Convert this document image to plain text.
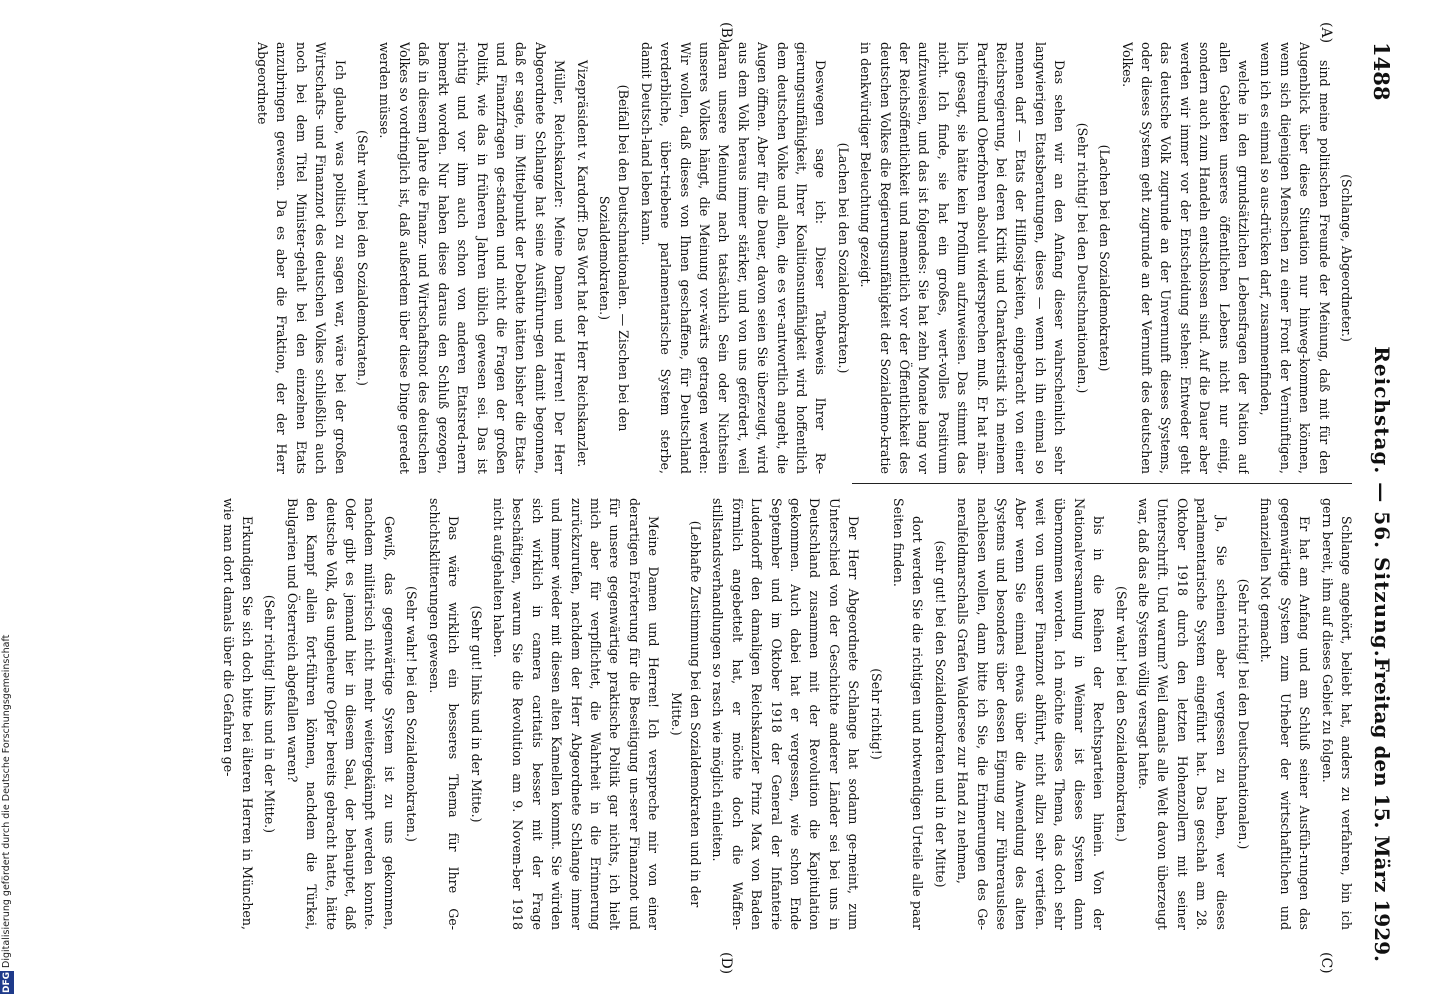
1488
Reichstag. — 56. Sitzung.
Freitag den 15. März 1929.
(A)
(B)
(C)
(D)

(Schlange, Abgeordneter.)

sind meine politischen Freunde der Meinung, daß mit für den Augenblick über diese Situation nur hinweg-kommen können, wenn sich diejenigen Menschen zu einer Front der Vernünftigen, wenn ich es einmal so aus-drücken darf, zusammenfinden,

welche in den grundsätzlichen Lebensfragen der Nation auf allen Gebieten unseres öffentlichen Lebens nicht nur einig, sondern auch zum Handeln entschlossen sind. Auf die Dauer aber werden wir immer vor der Entscheidung stehen: Entweder geht das deutsche Volk zugrunde an der Unvernunft dieses Systems, oder dieses System geht zugrunde an der Vernunft des deutschen Volkes.

(Lachen bei den Sozialdemokraten)

(Sehr richtig! bei den Deutschnationalen.)

Das sehen wir an den Anfang dieser wahrscheinlich sehr langwierigen Etatsberatungen, dieses — wenn ich ihn einmal so nennen darf — Etats der Hilflosig-keiten, eingebracht von einer Reichsregierung, bei deren Kritik und Charakteristik ich meinem Parteifreund Oberfohren absolut widersprechen muß. Er hat näm-lich gesagt, sie hätte kein Profilum aufzuweisen. Das stimmt das nicht. Ich finde, sie hat ein großes, wert-volles Positivum aufzuweisen, und das ist folgendes: Sie hat zehn Monate lang vor der Reichsöffentlichkeit und namentlich vor der Öffentlichkeit des deutschen Volkes die Regierungsunfähigkeit der Sozialdemo-kratie in denkwürdiger Beleuchtung gezeigt.

(Lachen bei den Sozialdemokraten.)

Deswegen sage ich: Dieser Tatbeweis Ihrer Re-gierungsunfähigkeit, Ihrer Koalitionsunfähigkeit wird hoffentlich dem deutschen Volke und allen, die es ver-antwortlich angeht, die Augen öffnen. Aber für die Dauer, davon seien Sie überzeugt, wird aus dem Volk heraus immer stärker, und von uns gefördert, weil daran unsere Meinung nach tatsächlich Sein oder Nichtsein unseres Volkes hängt, die Meinung vor-wärts getragen werden: Wir wollen, daß dieses von Ihnen geschaffene, für Deutschland verderbliche, über-triebene parlamentarische System sterbe, damit Deutsch-land leben kann.

(Beifall bei den Deutschnationalen. — Zischen bei den Sozialdemokraten.)

Vizepräsident v. Kardorff: Das Wort hat der Herr Reichskanzler.

Müller, Reichskanzler: Meine Damen und Herren! Der Herr Abgeordnete Schlange hat seine Ausführun-gen damit begonnen, daß er sagte, im Mittelpunkt der Debatte hätten bisher die Etats- und Finanzfragen ge-standen und nicht die Fragen der großen Politik, wie das in früheren Jahren üblich gewesen sei. Das ist richtig und vor ihm auch schon von anderen Etatsred-nern bemerkt worden. Nur haben diese daraus den Schluß gezogen, daß in diesem Jahre die Finanz- und Wirtschaftsnot des deutschen Volkes so vordringlich ist, daß außerdem über diese Dinge geredet werden müsse.

(Sehr wahr! bei den Sozialdemokraten.)

Ich glaube, was politisch zu sagen war, wäre bei der großen Wirtschafts- und Finanznot des deutschen Volkes schließlich auch noch bei dem Titel Minister-gehalt bei den einzelnen Etats anzubringen gewesen. Da es aber die Fraktion, der der Herr Abgeordnete

Schlange angehört, beliebt hat, anders zu verfahren, bin ich gern bereit, ihm auf dieses Gebiet zu folgen.

Er hat am Anfang und am Schluß seiner Ausfüh-rungen das gegenwärtige System zum Urheber der wirtschaftlichen und finanziellen Not gemacht.

(Sehr richtig! bei den Deutschnationalen.)

Ja, Sie scheinen aber vergessen zu haben, wer dieses parlamentarische System eingeführt hat. Das geschah am 28. Oktober 1918 durch den letzten Hohenzollern mit seiner Unterschrift. Und warum? Weil damals alle Welt davon überzeugt war, daß das alte System völlig versagt hatte.

(Sehr wahr! bei den Sozialdemokraten.)

bis in die Reihen der Rechtsparteien hinein. Von der Nationalversammlung in Weimar ist dieses System dann übernommen worden. Ich möchte dieses Thema, das doch sehr weit von unserer Finanznot abführt, nicht allzu sehr vertiefen. Aber wenn Sie einmal etwas über die Anwendung des alten Systems und besonders über dessen Eignung zur Führerauslese nachlesen wollen, dann bitte ich Sie, die Erinnerungen des Ge-neralfeldmarschalls Grafen Waldersee zur Hand zu nehmen,

(sehr gut! bei den Sozialdemokraten und in der Mitte)

dort werden Sie die richtigen und notwendigen Urteile alle paar Seiten finden.

(Sehr richtig!)

Der Herr Abgeordnete Schlange hat sodann ge-meint, zum Unterschied von der Geschichte anderer Länder sei bei uns in Deutschland zusammen mit der Revolution die Kapitulation gekommen. Auch dabei hat er vergessen, wie schon Ende September und im Oktober 1918 der General der Infanterie Ludendorff den damaligen Reichskanzler Prinz Max von Baden förmlich angebettelt hat, er möchte doch die Waffen-stillstandsverhandlungen so rasch wie möglich einleiten.

(Lebhafte Zustimmung bei den Sozialdemokraten und in der Mitte.)

Meine Damen und Herren! Ich verspreche mir von einer derartigen Erörterung für die Beseitigung un-serer Finanznot und für unsere gegenwärtige praktische Politik gar nichts, ich hielt mich aber für verpflichtet, die Wahrheit in die Erinnerung zurückzurufen, nachdem der Herr Abgeordnete Schlange immer und immer wieder mit diesen alten Kamellen kommt. Sie würden sich wirklich in camera caritatis besser mit der Frage beschäftigen, warum Sie die Revolution am 9. Novem-ber 1918 nicht aufgehalten haben.

(Sehr gut! links und in der Mitte.)

Das wäre wirklich ein besseres Thema für Ihre Ge-schichtsklitterungen gewesen.

(Sehr wahr! bei den Sozialdemokraten.)

Gewiß, das gegenwärtige System ist zu uns gekommen, nachdem militärisch nicht mehr weitergekämpft werden konnte. Oder gibt es jemand hier in diesem Saal, der behauptet, daß deutsche Volk, das ungeheure Opfer bereits gebracht hatte, hätte den Kampf allein fort-führen können, nachdem die Türkei, Bulgarien und Österreich abgefallen waren?

(Sehr richtig! links und in der Mitte.)

Erkundigen Sie sich doch bitte bei älteren Herren in München, wie man dort damals über die Gefahren ge-

DFG Digitalisierung gefördert durch die Deutsche Forschungsgemeinschaft
